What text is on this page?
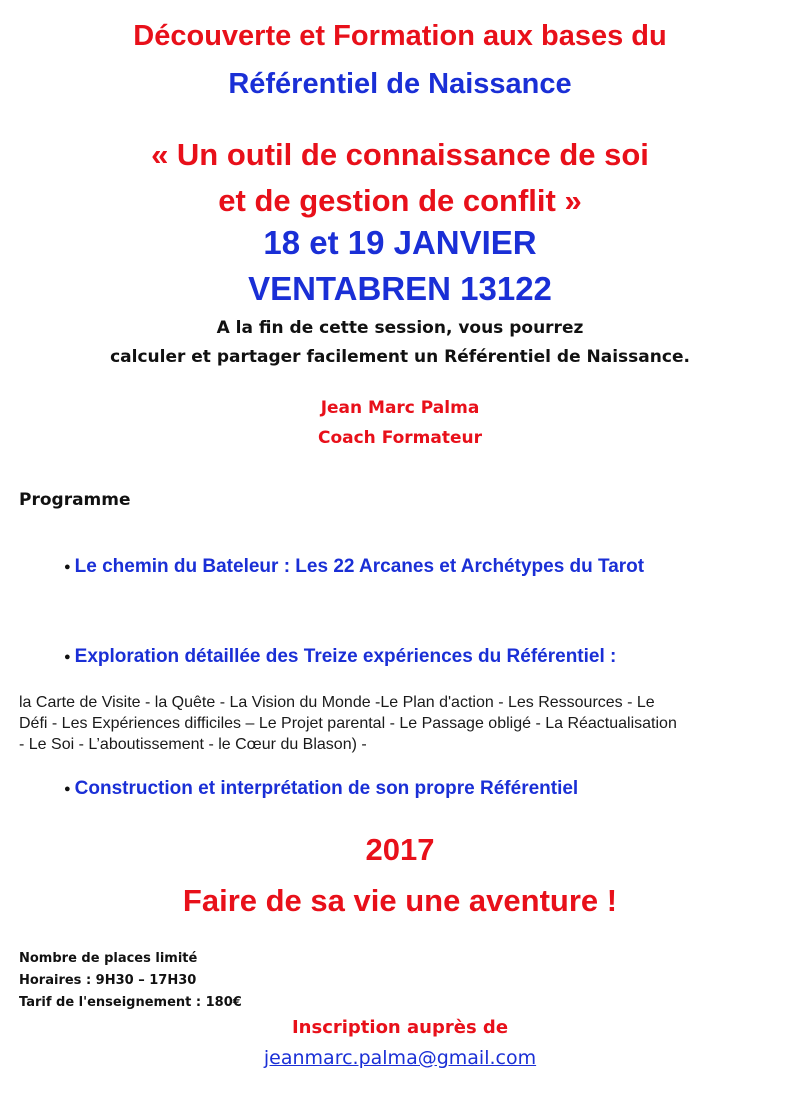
Découverte et Formation aux bases du
Référentiel de Naissance
« Un outil de connaissance de soi
et de gestion de conflit »
18 et 19 JANVIER
VENTABREN 13122
A la fin de cette session, vous pourrez
calculer et partager facilement un Référentiel de Naissance.
Jean Marc Palma
Coach Formateur
Programme
● Le chemin du Bateleur : Les 22 Arcanes et Archétypes du Tarot
● Exploration détaillée des Treize expériences du Référentiel :
la Carte de Visite - la Quête - La Vision du Monde -Le Plan d'action - Les Ressources - Le
Défi - Les Expériences difficiles – Le Projet parental - Le Passage obligé - La Réactualisation
- Le Soi - L’aboutissement - le Cœur du Blason) -
● Construction et interprétation de son propre Référentiel
2017
Faire de sa vie une aventure !
Nombre de places limité
Horaires : 9H30 – 17H30
Tarif de l'enseignement : 180€
Inscription auprès de
jeanmarc.palma@gmail.com
